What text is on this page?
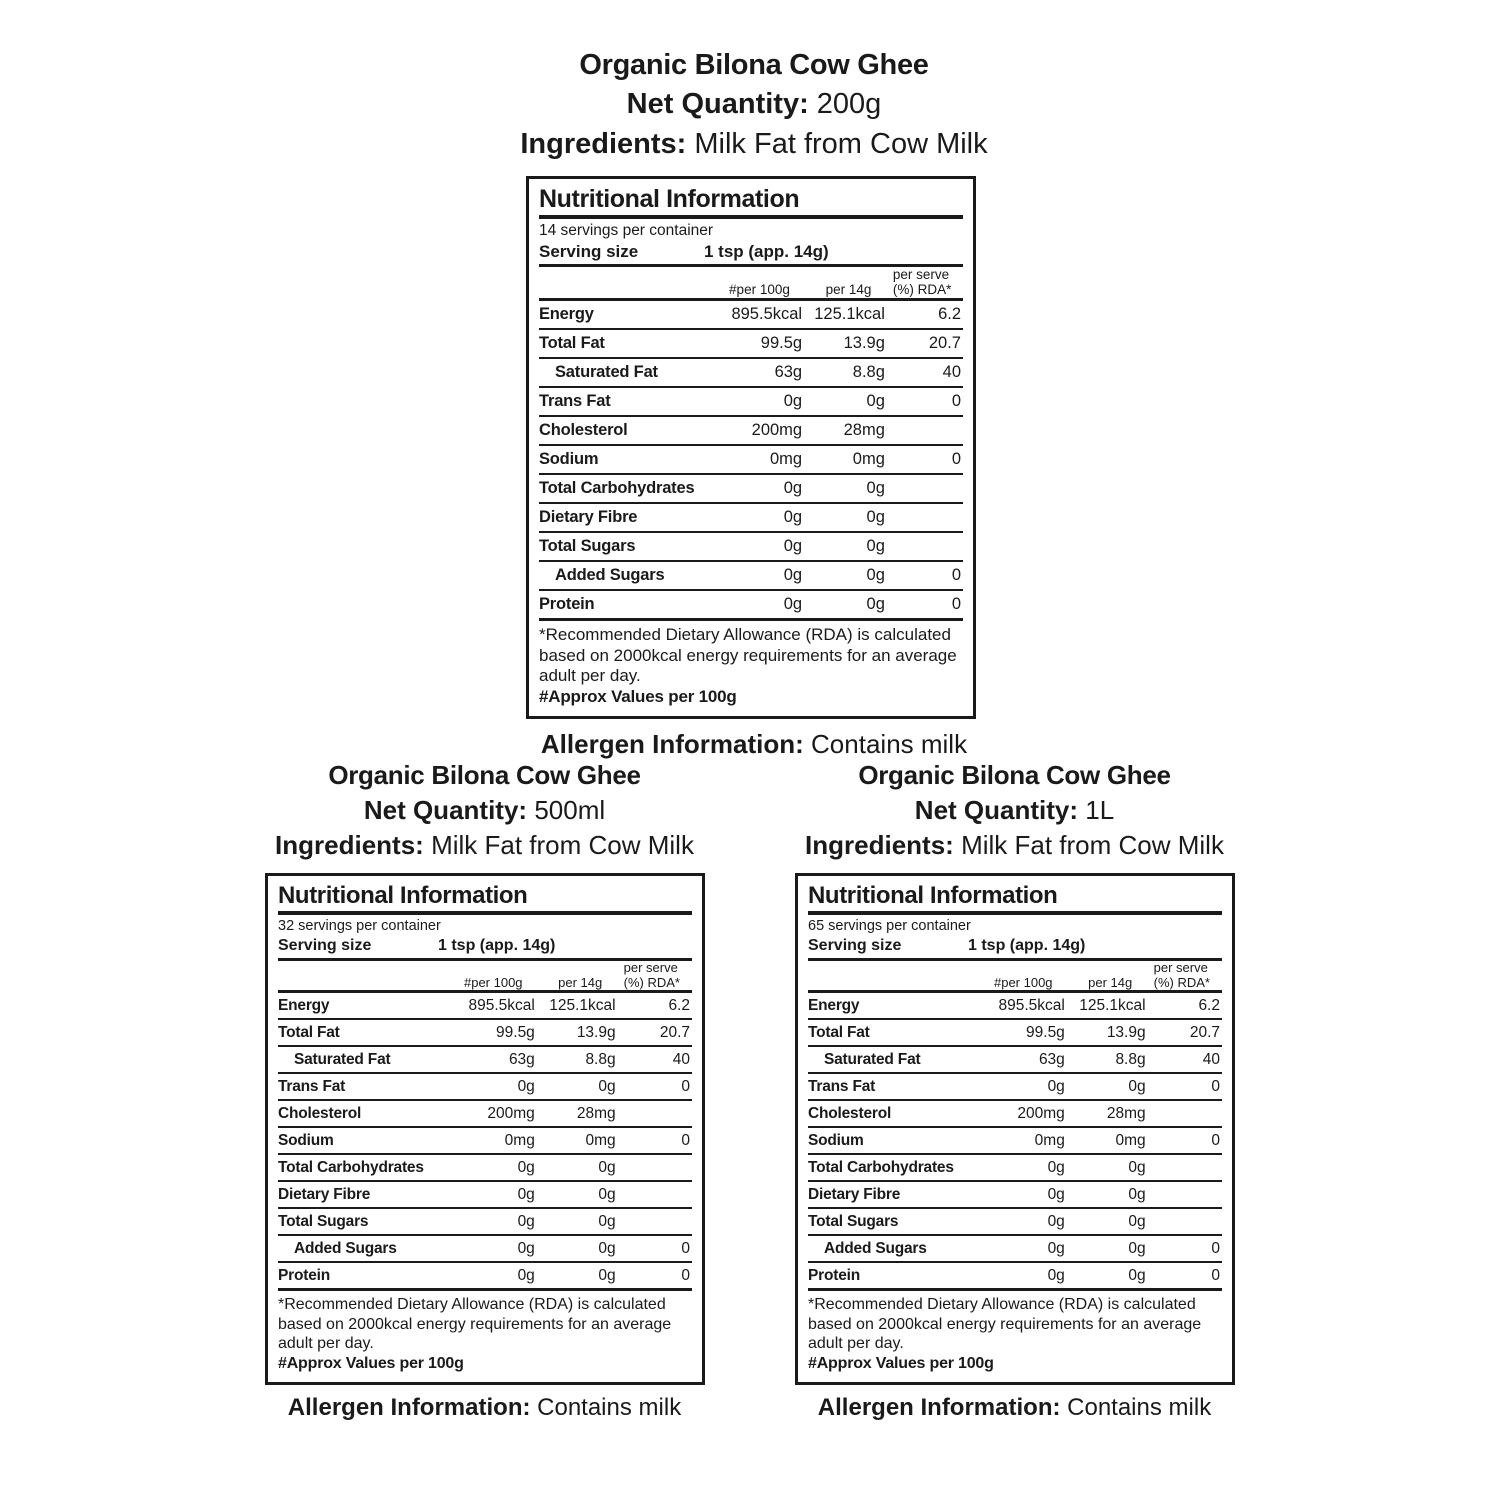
Organic Bilona Cow Ghee
Net Quantity: 200g
Ingredients: Milk Fat from Cow Milk
Nutritional Information
14 servings per container
Serving size	1 tsp (app. 14g)
	#per 100g	per 14g	per serve
(%) RDA*

Energy	895.5kcal	125.1kcal	6.2
Total Fat	99.5g	13.9g	20.7
Saturated Fat	63g	8.8g	40
Trans Fat	0g	0g	0
Cholesterol	200mg	28mg	
Sodium	0mg	0mg	0
Total Carbohydrates	0g	0g	
Dietary Fibre	0g	0g	
Total Sugars	0g	0g	
Added Sugars	0g	0g	0
Protein	0g	0g	0

*Recommended Dietary Allowance (RDA) is calculated based on 2000kcal energy requirements for an average adult per day.
#Approx Values per 100g
Allergen Information: Contains milk
Organic Bilona Cow Ghee
Net Quantity: 500ml
Ingredients: Milk Fat from Cow Milk
Nutritional Information
32 servings per container
Serving size	1 tsp (app. 14g)
	#per 100g	per 14g	per serve
(%) RDA*

Energy	895.5kcal	125.1kcal	6.2
Total Fat	99.5g	13.9g	20.7
Saturated Fat	63g	8.8g	40
Trans Fat	0g	0g	0
Cholesterol	200mg	28mg	
Sodium	0mg	0mg	0
Total Carbohydrates	0g	0g	
Dietary Fibre	0g	0g	
Total Sugars	0g	0g	
Added Sugars	0g	0g	0
Protein	0g	0g	0

*Recommended Dietary Allowance (RDA) is calculated based on 2000kcal energy requirements for an average adult per day.
#Approx Values per 100g
Allergen Information: Contains milk
Organic Bilona Cow Ghee
Net Quantity: 1L
Ingredients: Milk Fat from Cow Milk
Nutritional Information
65 servings per container
Serving size	1 tsp (app. 14g)
	#per 100g	per 14g	per serve
(%) RDA*

Energy	895.5kcal	125.1kcal	6.2
Total Fat	99.5g	13.9g	20.7
Saturated Fat	63g	8.8g	40
Trans Fat	0g	0g	0
Cholesterol	200mg	28mg	
Sodium	0mg	0mg	0
Total Carbohydrates	0g	0g	
Dietary Fibre	0g	0g	
Total Sugars	0g	0g	
Added Sugars	0g	0g	0
Protein	0g	0g	0

*Recommended Dietary Allowance (RDA) is calculated based on 2000kcal energy requirements for an average adult per day.
#Approx Values per 100g
Allergen Information: Contains milk
